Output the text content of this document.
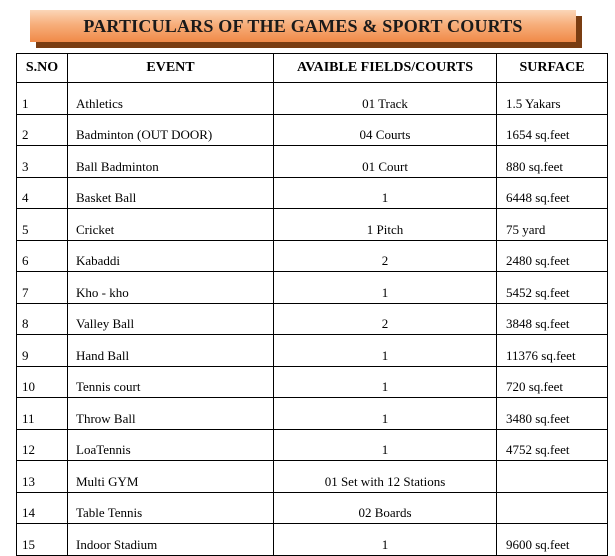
PARTICULARS OF THE GAMES & SPORT COURTS
S.NO	EVENT	AVAIBLE FIELDS/COURTS	SURFACE
1	Athletics	01 Track	1.5 Yakars
2	Badminton (OUT DOOR)	04 Courts	1654 sq.feet
3	Ball Badminton	01 Court	880 sq.feet
4	Basket Ball	1	6448 sq.feet
5	Cricket	1 Pitch	75 yard
6	Kabaddi	2	2480 sq.feet
7	Kho - kho	1	5452 sq.feet
8	Valley Ball	2	3848 sq.feet
9	Hand Ball	1	11376 sq.feet
10	Tennis court	1	720 sq.feet
11	Throw Ball	1	3480 sq.feet
12	LoaTennis	1	4752 sq.feet
13	Multi GYM	01 Set with 12 Stations	
14	Table Tennis	02 Boards	
15	Indoor Stadium	1	9600 sq.feet
